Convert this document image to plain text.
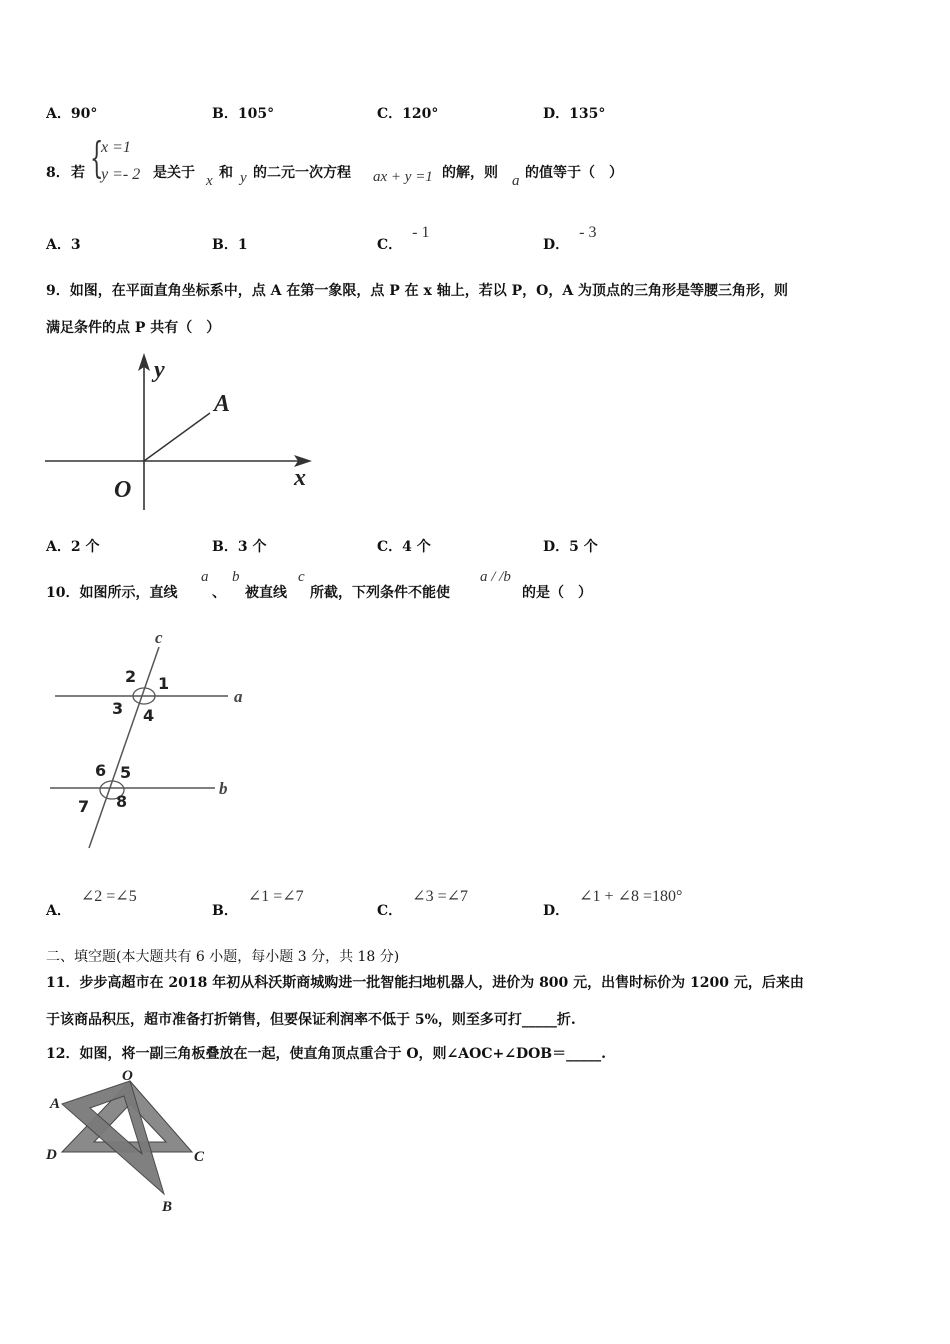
A．90°	B．105°	C．120°	D．135°
8． 若 {
x =1
y =- 2 是关于 x 和 y 的二元一次方程 ax + y =1 的解，则 a 的值等于（　）
A．3	B．1	C．- 1
D．- 3
9．如图，在平面直角坐标系中，点 A 在第一象限，点 P 在 x 轴上，若以 P，O，A 为顶点的三角形是等腰三角形，则
满足条件的点 P 共有（　）
y
x
O
A
A．2 个	B．3 个	C．4 个	D．5 个
10．如图所示，直线
a
、
b
被直线
c
所截，下列条件不能使
a / /b
的是（　）
c
a
b
1
2
3 4
5
6
7 8
A．∠2 =∠5
B．∠1 =∠7
C．∠3 =∠7
D．∠1 + ∠8 =180°
二、填空题(本大题共有 6 小题，每小题 3 分，共 18 分)
11．步步高超市在 2018 年初从科沃斯商城购进一批智能扫地机器人，进价为 800 元，出售时标价为 1200 元，后来由
于该商品积压，超市准备打折销售，但要保证利润率不低于 5%，则至多可打_____折.
12．如图，将一副三角板叠放在一起，使直角顶点重合于 O，则∠AOC+∠DOB＝_____.
O
A
D	C
B
